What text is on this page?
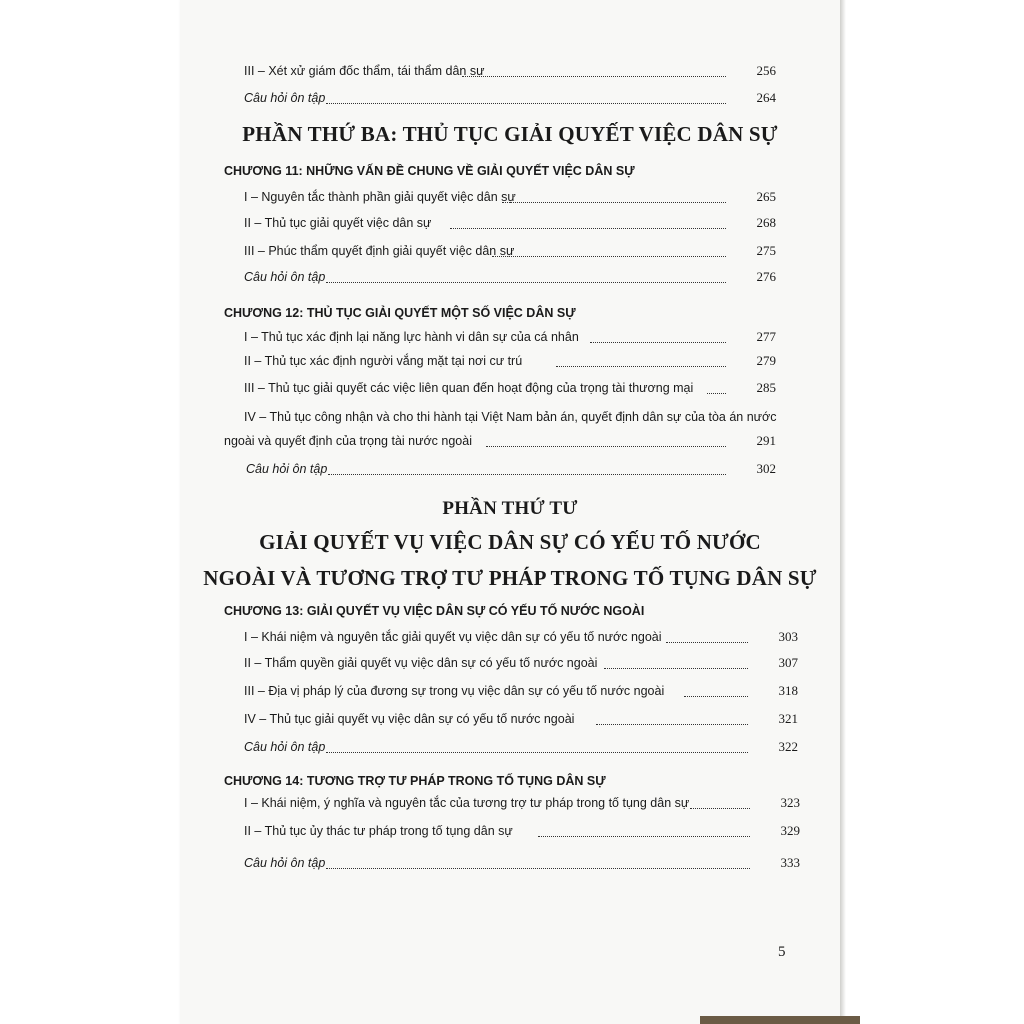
III – Xét xử giám đốc thẩm, tái thẩm dân sự	256
Câu hỏi ôn tập	264
PHẦN THỨ BA: THỦ TỤC GIẢI QUYẾT VIỆC DÂN SỰ
CHƯƠNG 11: NHỮNG VẤN ĐỀ CHUNG VỀ GIẢI QUYẾT VIỆC DÂN SỰ
I – Nguyên tắc thành phần giải quyết việc dân sự	265
II – Thủ tục giải quyết việc dân sự	268
III – Phúc thẩm quyết định giải quyết việc dân sự	275
Câu hỏi ôn tập	276
CHƯƠNG 12: THỦ TỤC GIẢI QUYẾT MỘT SỐ VIỆC DÂN SỰ
I – Thủ tục xác định lại năng lực hành vi dân sự của cá nhân	277
II – Thủ tục xác định người vắng mặt tại nơi cư trú	279
III – Thủ tục giải quyết các việc liên quan đến hoạt động của trọng tài thương mại	285
IV – Thủ tục công nhận và cho thi hành tại Việt Nam bản án, quyết định dân sự của tòa án nước
ngoài và quyết định của trọng tài nước ngoài	291
Câu hỏi ôn tập	302
PHẦN THỨ TƯ
GIẢI QUYẾT VỤ VIỆC DÂN SỰ CÓ YẾU TỐ NƯỚC
NGOÀI VÀ TƯƠNG TRỢ TƯ PHÁP TRONG TỐ TỤNG DÂN SỰ
CHƯƠNG 13: GIẢI QUYẾT VỤ VIỆC DÂN SỰ CÓ YẾU TỐ NƯỚC NGOÀI
I – Khái niệm và nguyên tắc giải quyết vụ việc dân sự có yếu tố nước ngoài	303
II – Thẩm quyền giải quyết vụ việc dân sự có yếu tố nước ngoài	307
III – Địa vị pháp lý của đương sự trong vụ việc dân sự có yếu tố nước ngoài	318
IV – Thủ tục giải quyết vụ việc dân sự có yếu tố nước ngoài	321
Câu hỏi ôn tập	322
CHƯƠNG 14: TƯƠNG TRỢ TƯ PHÁP TRONG TỐ TỤNG DÂN SỰ
I – Khái niệm, ý nghĩa và nguyên tắc của tương trợ tư pháp trong tố tụng dân sự	323
II – Thủ tục ủy thác tư pháp trong tố tụng dân sự	329
Câu hỏi ôn tập	333
5
